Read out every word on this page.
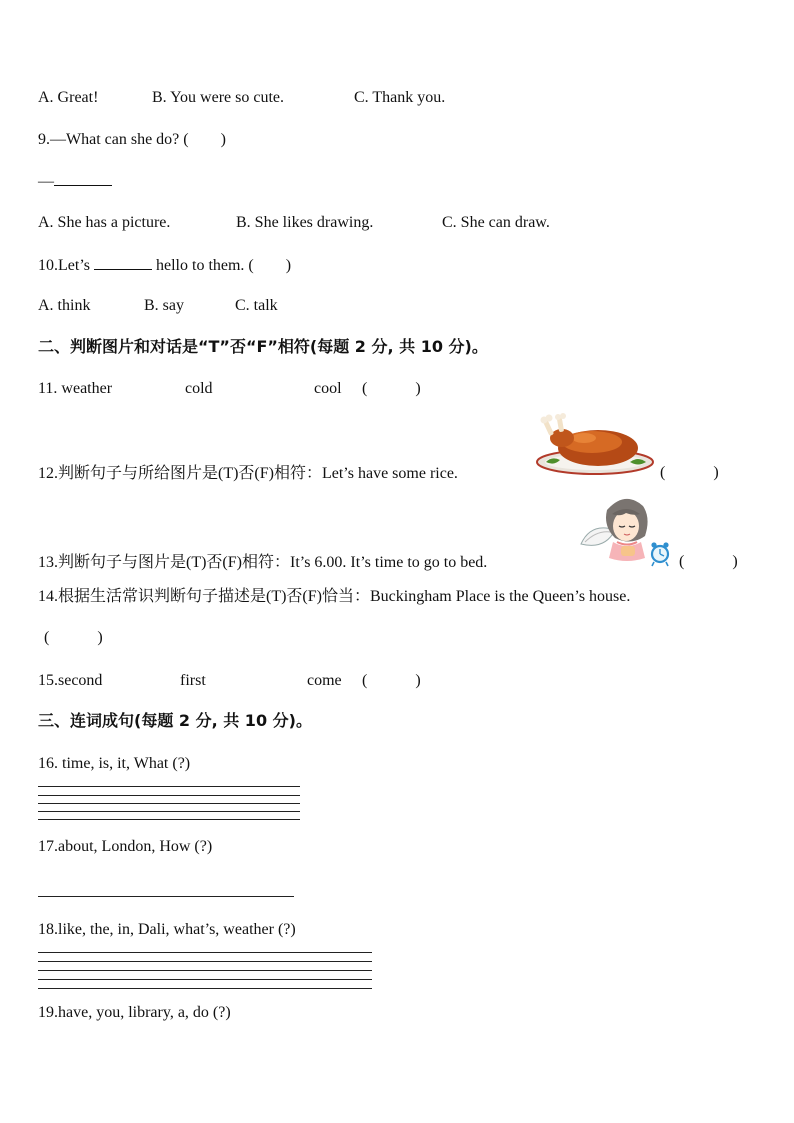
A. Great!	B. You were so cute.	C. Thank you.
9.—What can she do? (　　)
—
A. She has a picture.	B. She likes drawing.	C. She can draw.
10.Let’s	hello to them. (　　)
A. think	B. say	C. talk
二、判断图片和对话是“T”否“F”相符(每题 2 分, 共 10 分)。
11. weather	cold	cool (　　　)
12.判断句子与所给图片是(T)否(F)相符：Let’s have some rice.	(　　　)
13.判断句子与图片是(T)否(F)相符：It’s 6.00. It’s time to go to bed.	(　　　)
14.根据生活常识判断句子描述是(T)否(F)恰当：Buckingham Place is the Queen’s house.
(　　　)
15.second	first	come (　　　)
三、连词成句(每题 2 分, 共 10 分)。
16. time, is, it, What (?)
17.about, London, How (?)
18.like, the, in, Dali, what’s, weather (?)
19.have, you, library, a, do (?)
